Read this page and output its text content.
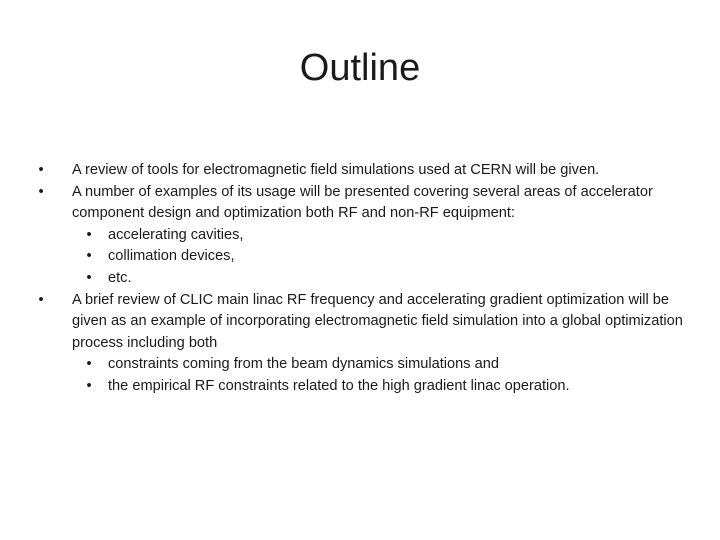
Outline
•	A review of tools for electromagnetic field simulations used at CERN will be given.
•	A number of examples of its usage will be presented covering several areas of accelerator component design and optimization both RF and non-RF equipment:
•	accelerating cavities,
•	collimation devices,
•	etc.
•	A brief review of CLIC main linac RF frequency and accelerating gradient optimization will be given as an example of incorporating electromagnetic field simulation into a global optimization process including both
•	constraints coming from the beam dynamics simulations and
•	the empirical RF constraints related to the high gradient linac operation.
